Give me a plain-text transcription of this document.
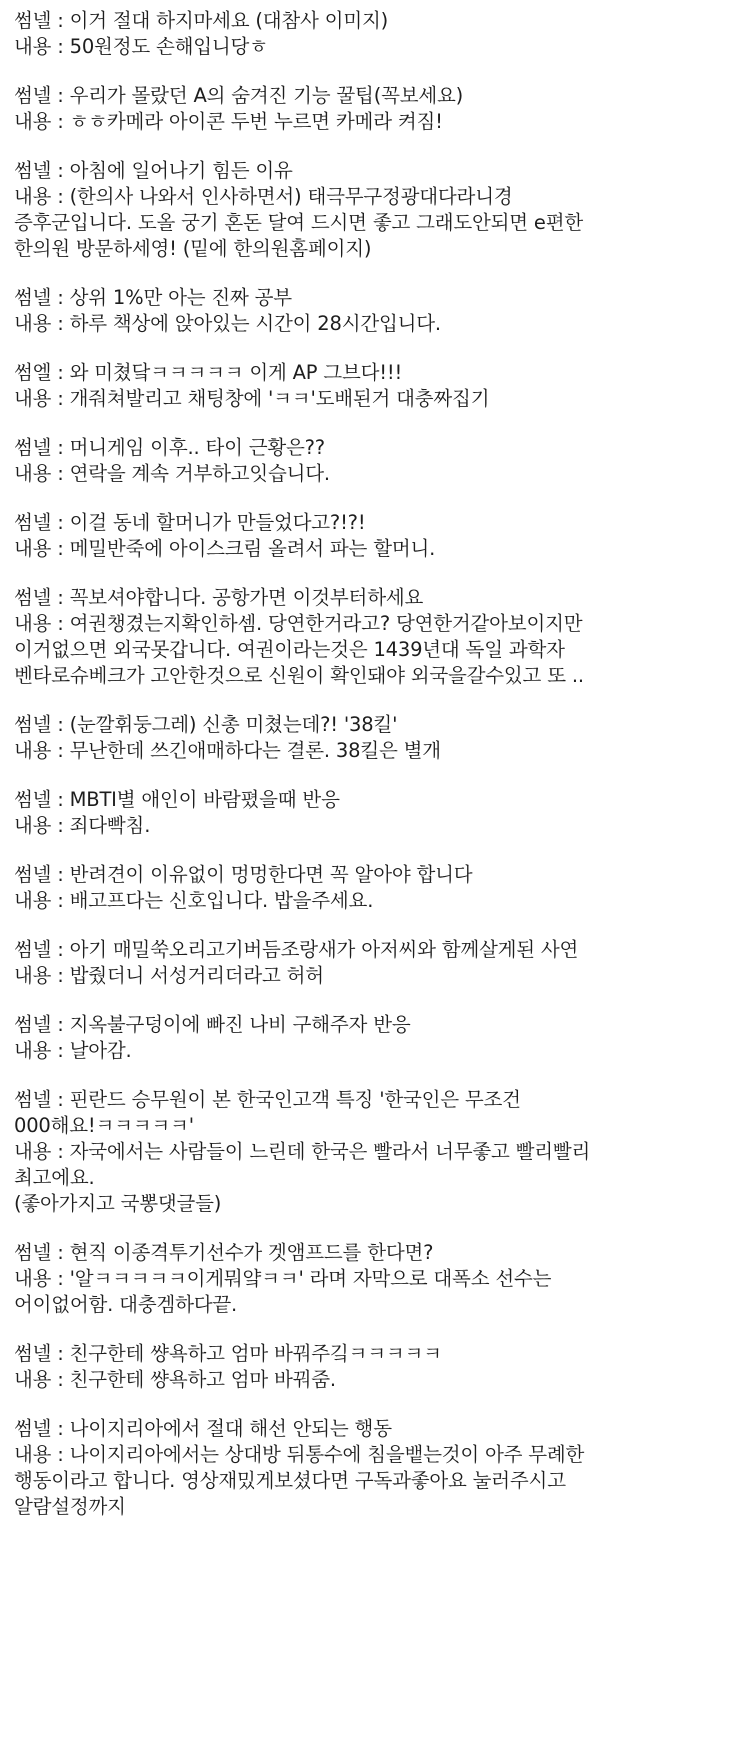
썸넬 : 이거 절대 하지마세요 (대참사 이미지)
내용 : 50원정도 손해입니당ㅎ
썸넬 : 우리가 몰랐던 A의 숨겨진 기능 꿀팁(꼭보세요)
내용 : ㅎㅎ카메라 아이콘 두번 누르면 카메라 켜짐!
썸넬 : 아침에 일어나기 힘든 이유
내용 : (한의사 나와서 인사하면서) 태극무구정광대다라니경
증후군입니다. 도올 궁기 혼돈 달여 드시면 좋고 그래도안되면 e편한
한의원 방문하세영! (밑에 한의원홈페이지)
썸넬 : 상위 1%만 아는 진짜 공부
내용 : 하루 책상에 앉아있는 시간이 28시간입니다.
썸엘 : 와 미쳤닼ㅋㅋㅋㅋㅋ 이게 AP 그브다!!!
내용 : 개줘쳐발리고 채팅창에 'ㅋㅋ'도배된거 대충짜집기
썸넬 : 머니게임 이후.. 타이 근황은??
내용 : 연락을 계속 거부하고잇습니다.
썸넬 : 이걸 동네 할머니가 만들었다고?!?!
내용 : 메밀반죽에 아이스크림 올려서 파는 할머니.
썸넬 : 꼭보셔야합니다. 공항가면 이것부터하세요
내용 : 여권챙겼는지확인하셈. 당연한거라고? 당연한거같아보이지만
이거없으면 외국못갑니다. 여권이라는것은 1439년대 독일 과학자
벤타로슈베크가 고안한것으로 신원이 확인돼야 외국을갈수있고 또 ..
썸넬 : (눈깔휘둥그레) 신총 미쳤는데?! '38킬'
내용 : 무난한데 쓰긴애매하다는 결론. 38킬은 별개
썸넬 : MBTI별 애인이 바람폈을때 반응
내용 : 죄다빡침.
썸넬 : 반려견이 이유없이 멍멍한다면 꼭 알아야 합니다
내용 : 배고프다는 신호입니다. 밥을주세요.
썸넬 : 아기 매밀쑥오리고기버듬조랑새가 아저씨와 함께살게된 사연
내용 : 밥줬더니 서성거리더라고 허허
썸넬 : 지옥불구덩이에 빠진 나비 구해주자 반응
내용 : 날아감.
썸넬 : 핀란드 승무원이 본 한국인고객 특징 '한국인은 무조건
000해요!ㅋㅋㅋㅋㅋ'
내용 : 자국에서는 사람들이 느린데 한국은 빨라서 너무좋고 빨리빨리
최고에요.
(좋아가지고 국뽕댓글들)
썸넬 : 현직 이종격투기선수가 겟앰프드를 한다면?
내용 : '알ㅋㅋㅋㅋㅋ이게뭐얔ㅋㅋ' 라며 자막으로 대폭소 선수는
어이없어함. 대충겜하다끝.
썸넬 : 친구한테 썅욕하고 엄마 바꿔주깈ㅋㅋㅋㅋㅋ
내용 : 친구한테 썅욕하고 엄마 바꿔줌.
썸넬 : 나이지리아에서 절대 해선 안되는 행동
내용 : 나이지리아에서는 상대방 뒤통수에 침을뱉는것이 아주 무례한
행동이라고 합니다. 영상재밌게보셨다면 구독과좋아요 눌러주시고
알람설정까지
